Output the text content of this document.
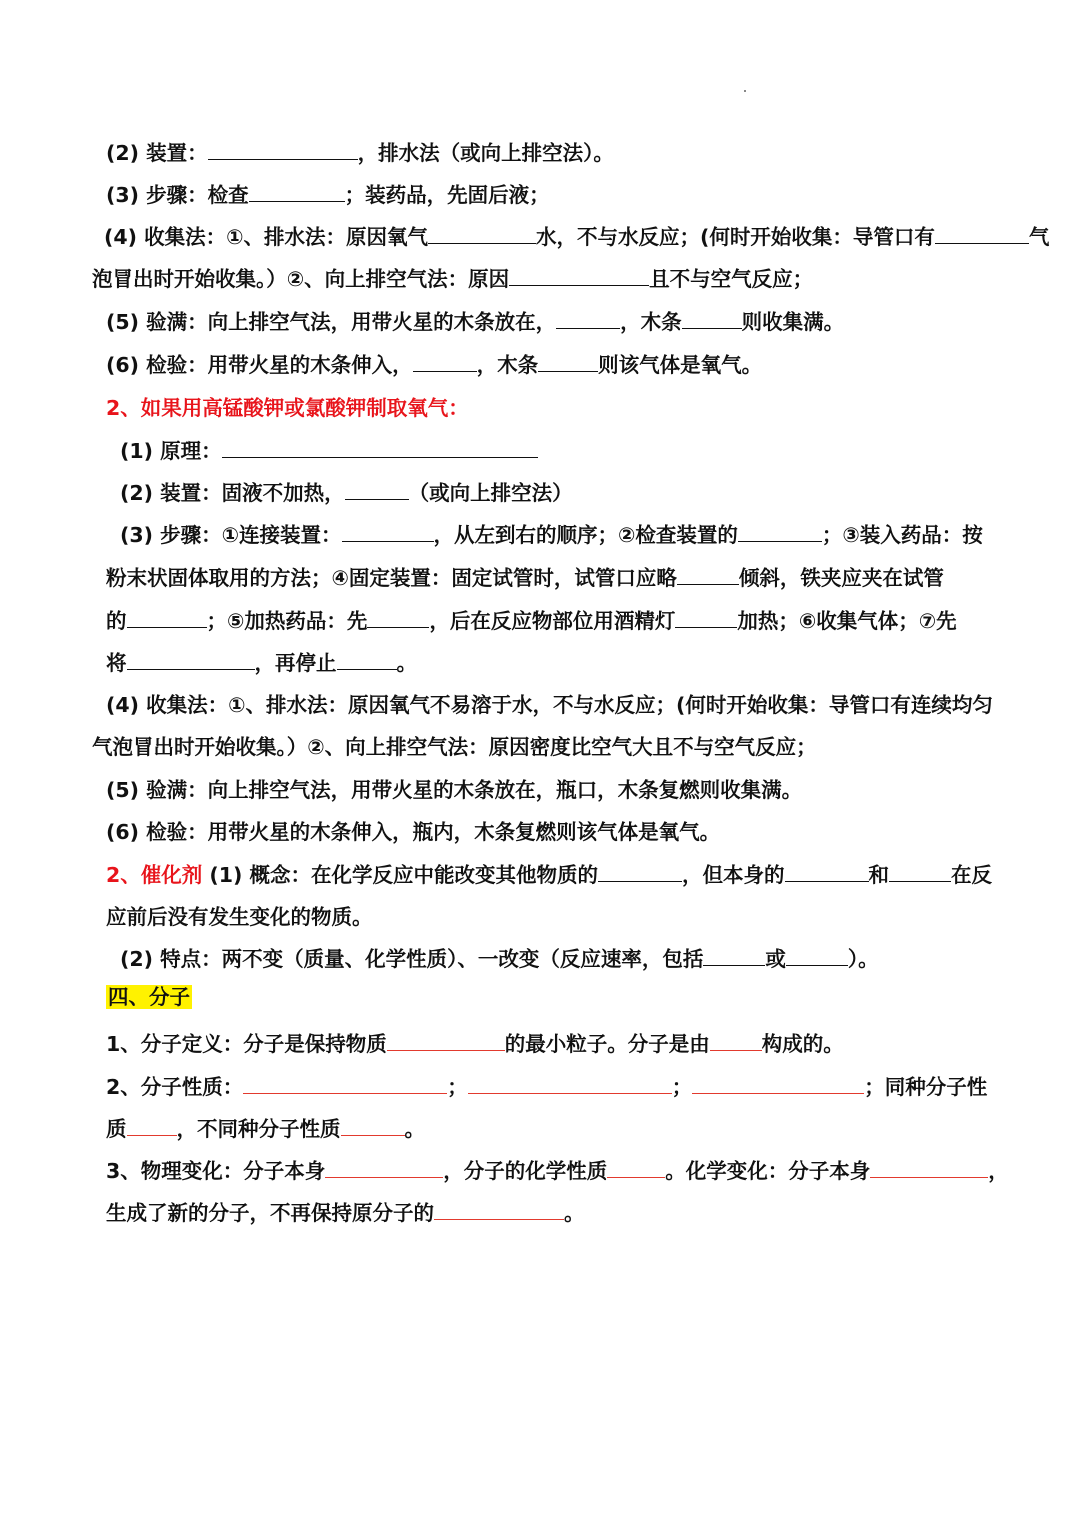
(2) 装置：	，排水法（或向上排空法）。
(3) 步骤：检查	；装药品，先固后液；
(4) 收集法：①、排水法：原因氧气	水，不与水反应；(何时开始收集：导管口有	气
泡冒出时开始收集。）②、向上排空气法：原因	且不与空气反应；
(5) 验满：向上排空气法，用带火星的木条放在，	，木条	则收集满。
(6) 检验：用带火星的木条伸入，	，木条	则该气体是氧气。
2、如果用高锰酸钾或氯酸钾制取氧气：
(1) 原理：
(2) 装置：固液不加热，	（或向上排空法）
(3) 步骤：①连接装置：	，从左到右的顺序；②检查装置的	；③装入药品：按
粉末状固体取用的方法；④固定装置：固定试管时，试管口应略	倾斜，铁夹应夹在试管
的	；⑤加热药品：先	，后在反应物部位用酒精灯	加热；⑥收集气体；⑦先
将	，再停止	。
(4) 收集法：①、排水法：原因氧气不易溶于水，不与水反应；(何时开始收集：导管口有连续均匀
气泡冒出时开始收集。）②、向上排空气法：原因密度比空气大且不与空气反应；
(5) 验满：向上排空气法，用带火星的木条放在，瓶口，木条复燃则收集满。
(6) 检验：用带火星的木条伸入，瓶内，木条复燃则该气体是氧气。
2、催化剂 (1) 概念：在化学反应中能改变其他物质的	，但本身的	和	在反
应前后没有发生变化的物质。
(2) 特点：两不变（质量、化学性质）、一改变（反应速率，包括	或	）。
四、分子
1、分子定义：分子是保持物质	的最小粒子。分子是由	构成的。
2、分子性质：	；	；	；同种分子性
质 ，不同种分子性质	。
3、物理变化：分子本身	，分子的化学性质	。化学变化：分子本身	，
生成了新的分子，不再保持原分子的	。
